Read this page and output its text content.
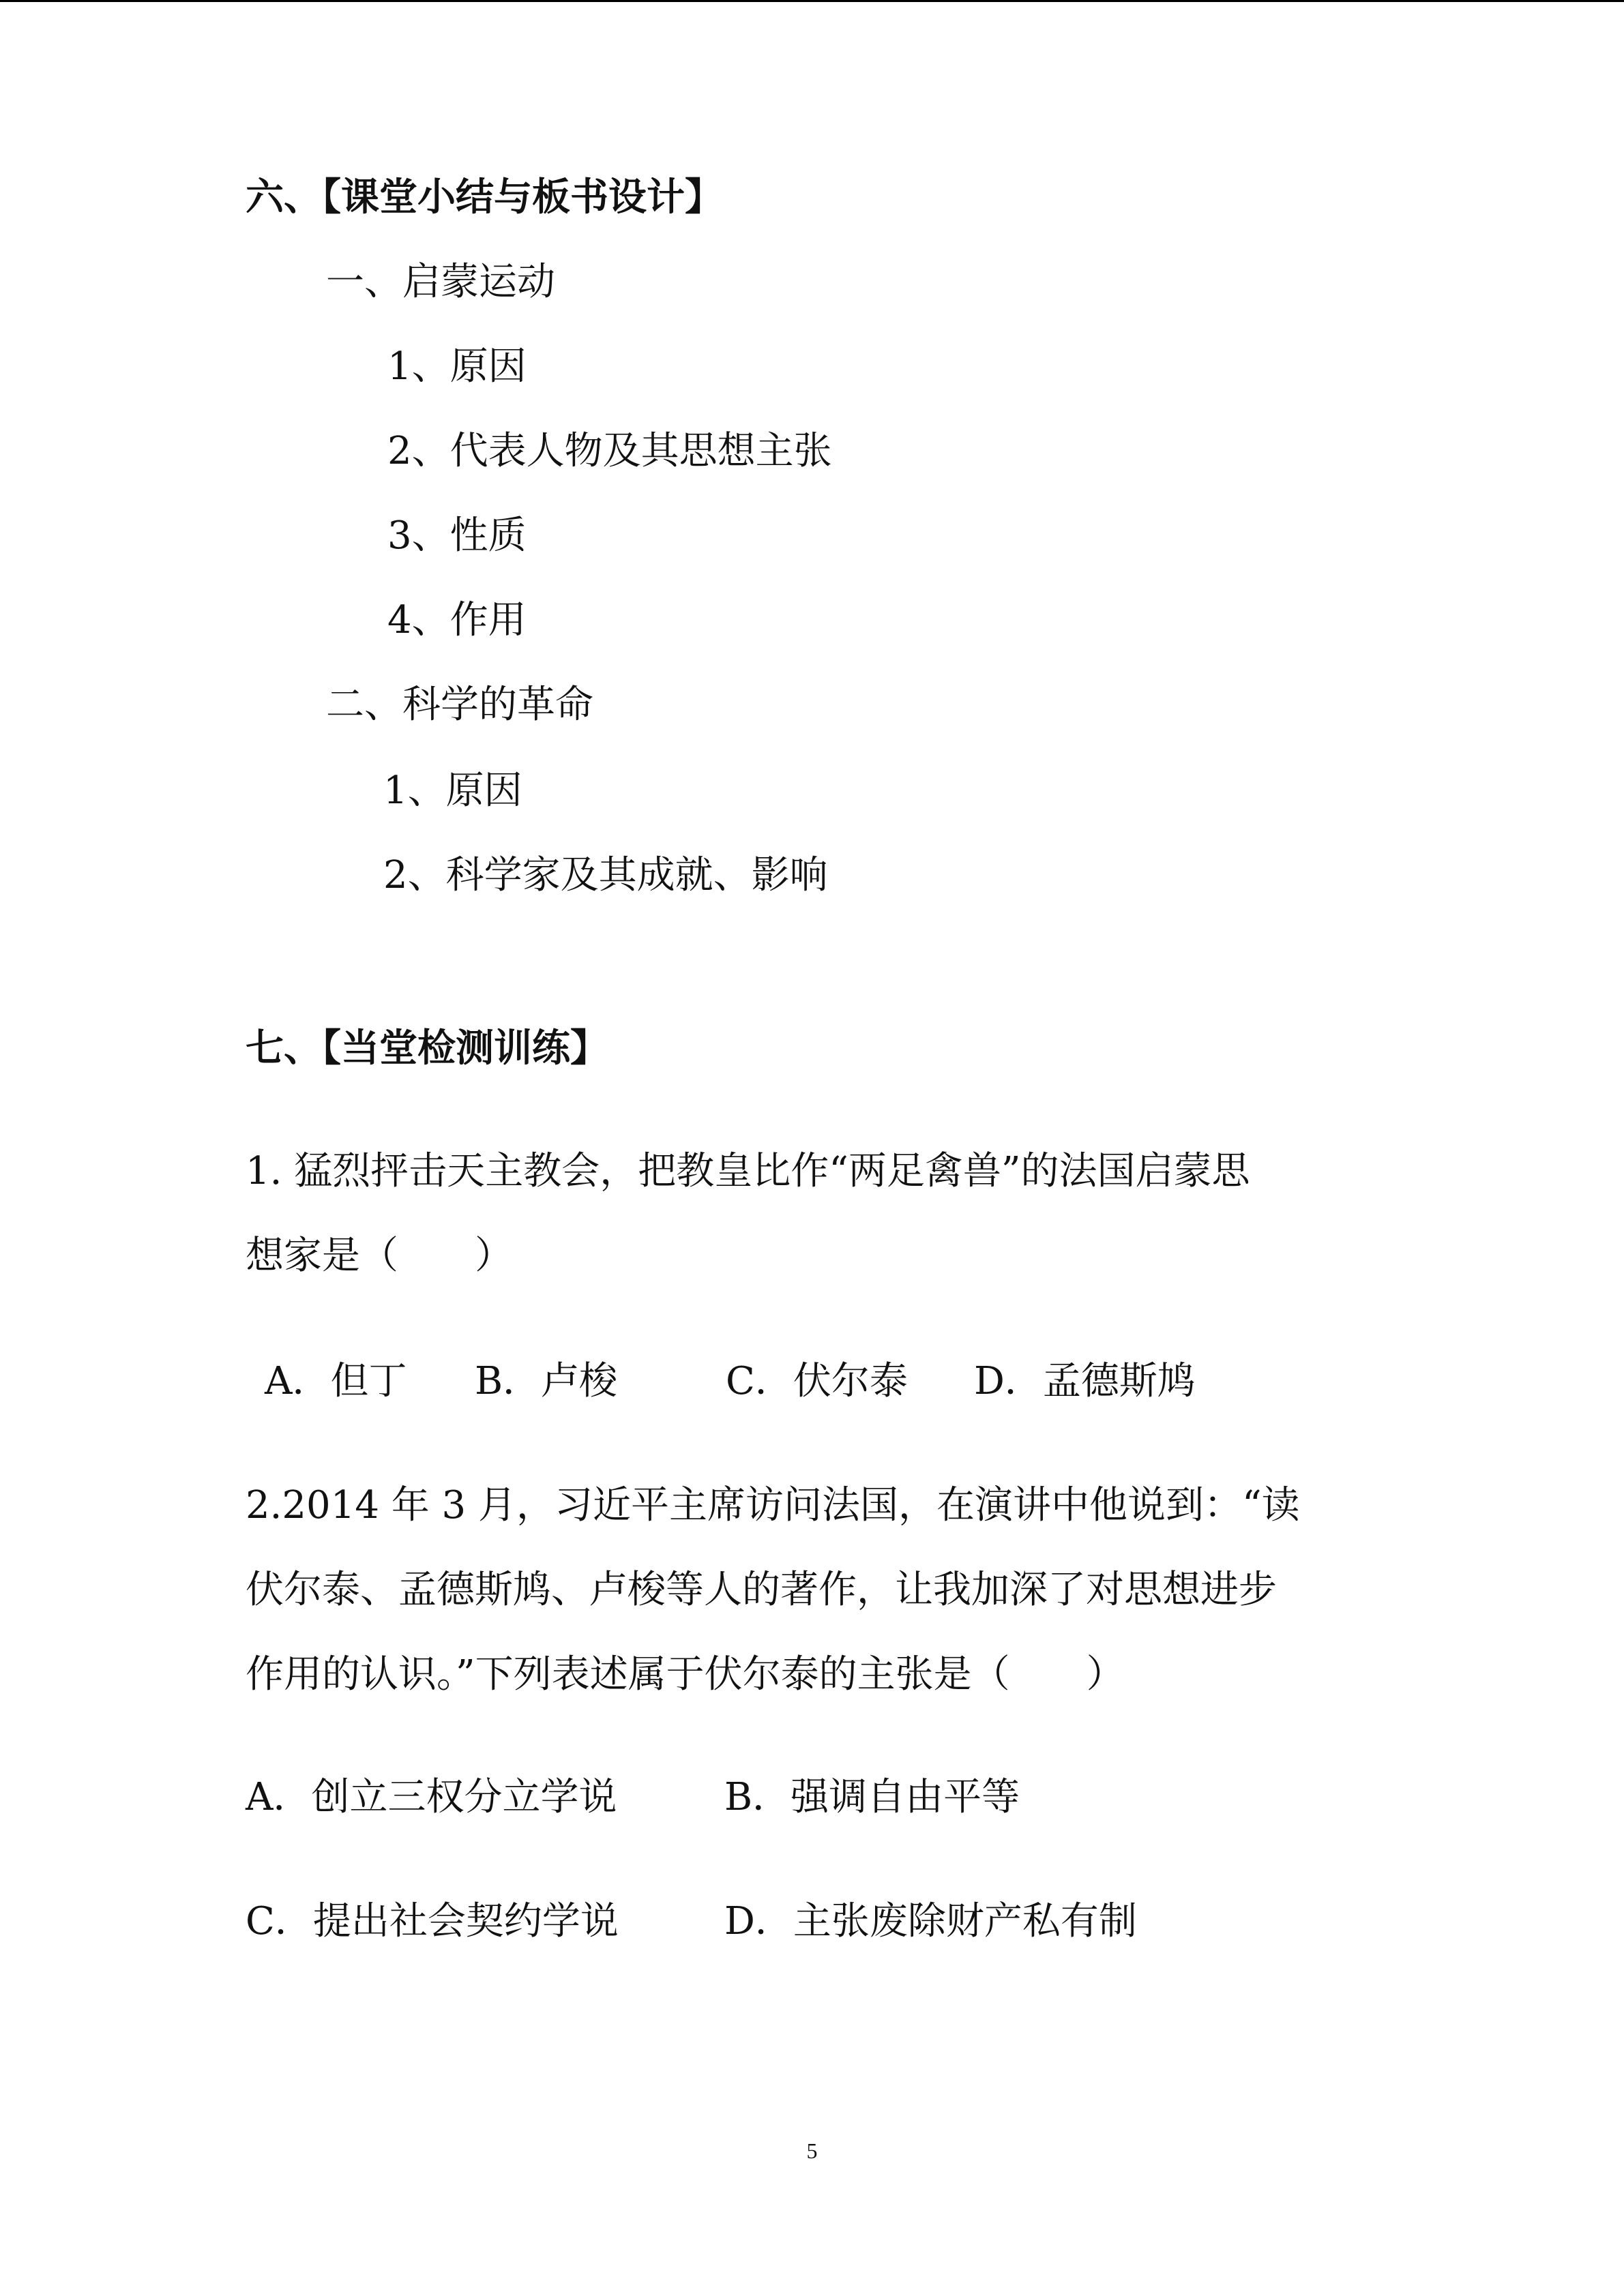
六、【课堂小结与板书设计】
一、启蒙运动
1、原因
2、代表人物及其思想主张
3、性质
4、作用
二、科学的革命
1、原因
2、科学家及其成就、影响
七、【当堂检测训练】
1. 猛烈抨击天主教会，把教皇比作“两足禽兽”的法国启蒙思
想家是（　　）
A．但丁 B．卢梭	C．伏尔泰 D．孟德斯鸠
2.2014 年 3 月，习近平主席访问法国，在演讲中他说到：“读
伏尔泰、孟德斯鸠、卢梭等人的著作，让我加深了对思想进步
作用的认识。”下列表述属于伏尔泰的主张是（　　）
A．创立三权分立学说	B．强调自由平等
C．提出社会契约学说	D．主张废除财产私有制
5
